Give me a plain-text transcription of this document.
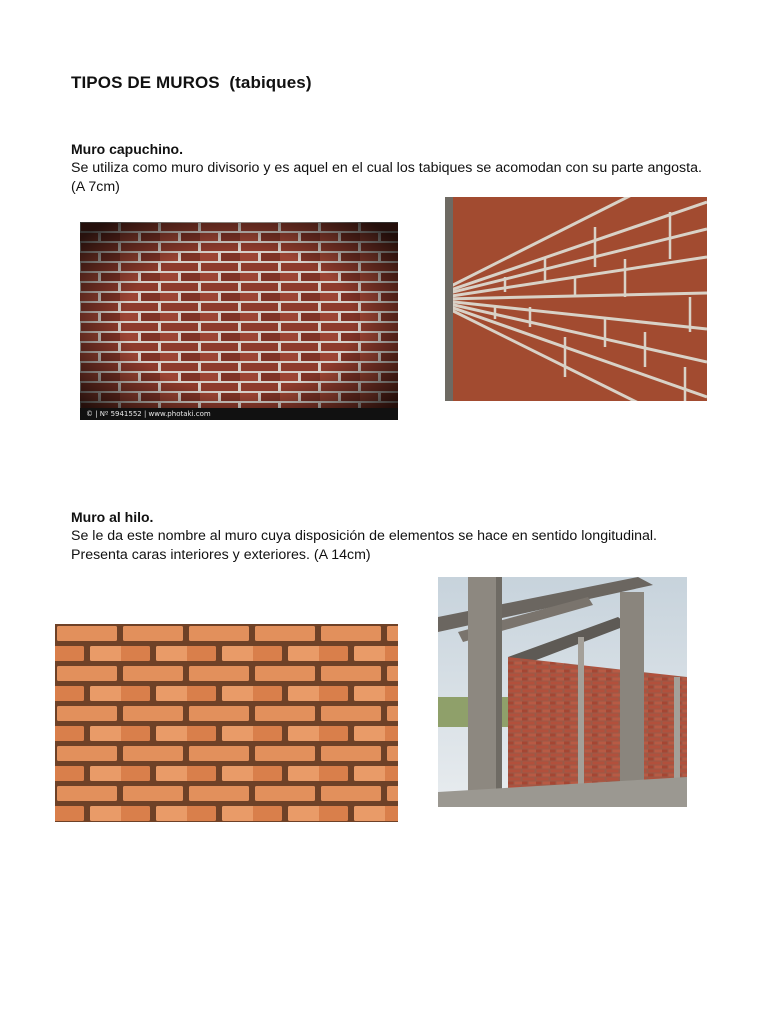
TIPOS DE MUROS  (tabiques)
Muro capuchino.
Se utiliza como muro divisorio y es aquel en el cual los tabiques se acomodan con su parte angosta.
(A 7cm)
© | Nº 5941552 | www.photaki.com
Muro al hilo.
Se le da este nombre al muro cuya disposición de elementos se hace en sentido longitudinal.
Presenta caras interiores y exteriores. (A 14cm)
